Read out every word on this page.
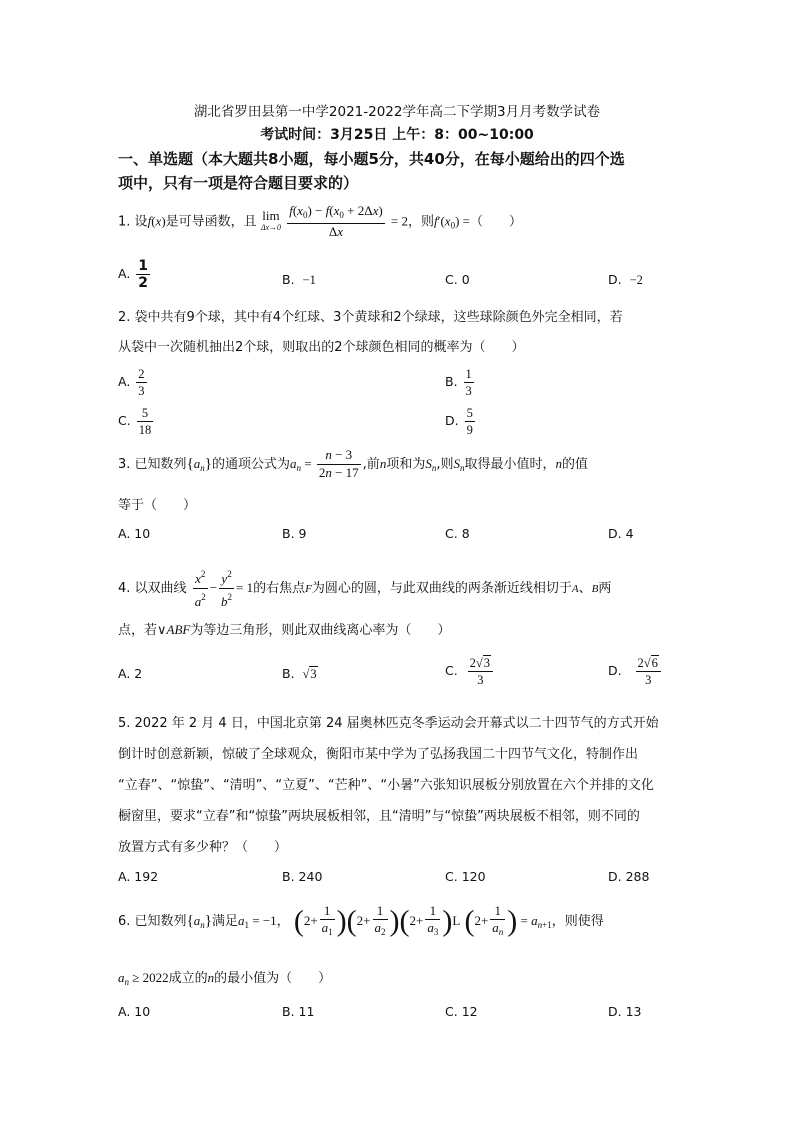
湖北省罗田县第一中学2021-2022学年高二下学期3月月考数学试卷
考试时间：3月25日 上午：8：00~10:00
一、单选题（本大题共8小题，每小题5分，共40分，在每小题给出的四个选
项中，只有一项是符合题目要求的）
1. 设f(x)是可导函数，且 lim
Δx→0
$\frac{f(x_0) - f(x_0 + 2\Delta x)}{\Delta x} = 2$，则$f'(x_0)$ =（　　）
A. $\frac{1}{2}$	B. −1	C. 0	D. −2
2. 袋中共有9个球，其中有4个红球、3个黄球和2个绿球，这些球除颜色外完全相同，若
从袋中一次随机抽出2个球，则取出的2个球颜色相同的概率为（　　）
A. $\frac{2}{3}$	B. $\frac{1}{3}$
C. $\frac{5}{18}$	D. $\frac{5}{9}$
3. 已知数列$\{a_n\}$的通项公式为$a_n = \frac{n - 3}{2n - 17}$ ,前n项和为$S_n$,则$S_n$取得最小值时，n的值
等于（　　）
A. 10	B. 9	C. 8	D. 4
4. 以双曲线 $\frac{x^2}{a^2} - \frac{y^2}{b^2} = 1$的右焦点F为圆心的圆，与此双曲线的两条渐近线相切于A、B两
点，若∨ABF为等边三角形，则此双曲线离心率为（　　）
A. 2	B. √3	C. $\frac{2√3}{3}$	D. $\frac{2√6}{3}$
5. 2022 年 2 月 4 日，中国北京第 24 届奥林匹克冬季运动会开幕式以二十四节气的方式开始
倒计时创意新颖，惊破了全球观众，衡阳市某中学为了弘扬我国二十四节气文化，特制作出
“立春”、“惊蛰”、“清明”、“立夏”、“芒种”、“小暑”六张知识展板分别放置在六个并排的文化
橱窗里，要求“立春”和“惊蛰”两块展板相邻，且“清明”与“惊蛰”两块展板不相邻，则不同的
放置方式有多少种？（　　）
A. 192	B. 240	C. 120	D. 288
6. 已知数列$\{a_n\}$满足$a_1 = -1$， $(2+ \frac{1}{a_1} )(2+ \frac{1}{a_2} )(2+ \frac{1}{a_3} )L$ ($2+ \frac{1}{a_n}$ ) = $a_{n+1}$，则使得
$a_n \ge 2022$成立的n的最小值为（　　）
A. 10	B. 11	C. 12	D. 13
